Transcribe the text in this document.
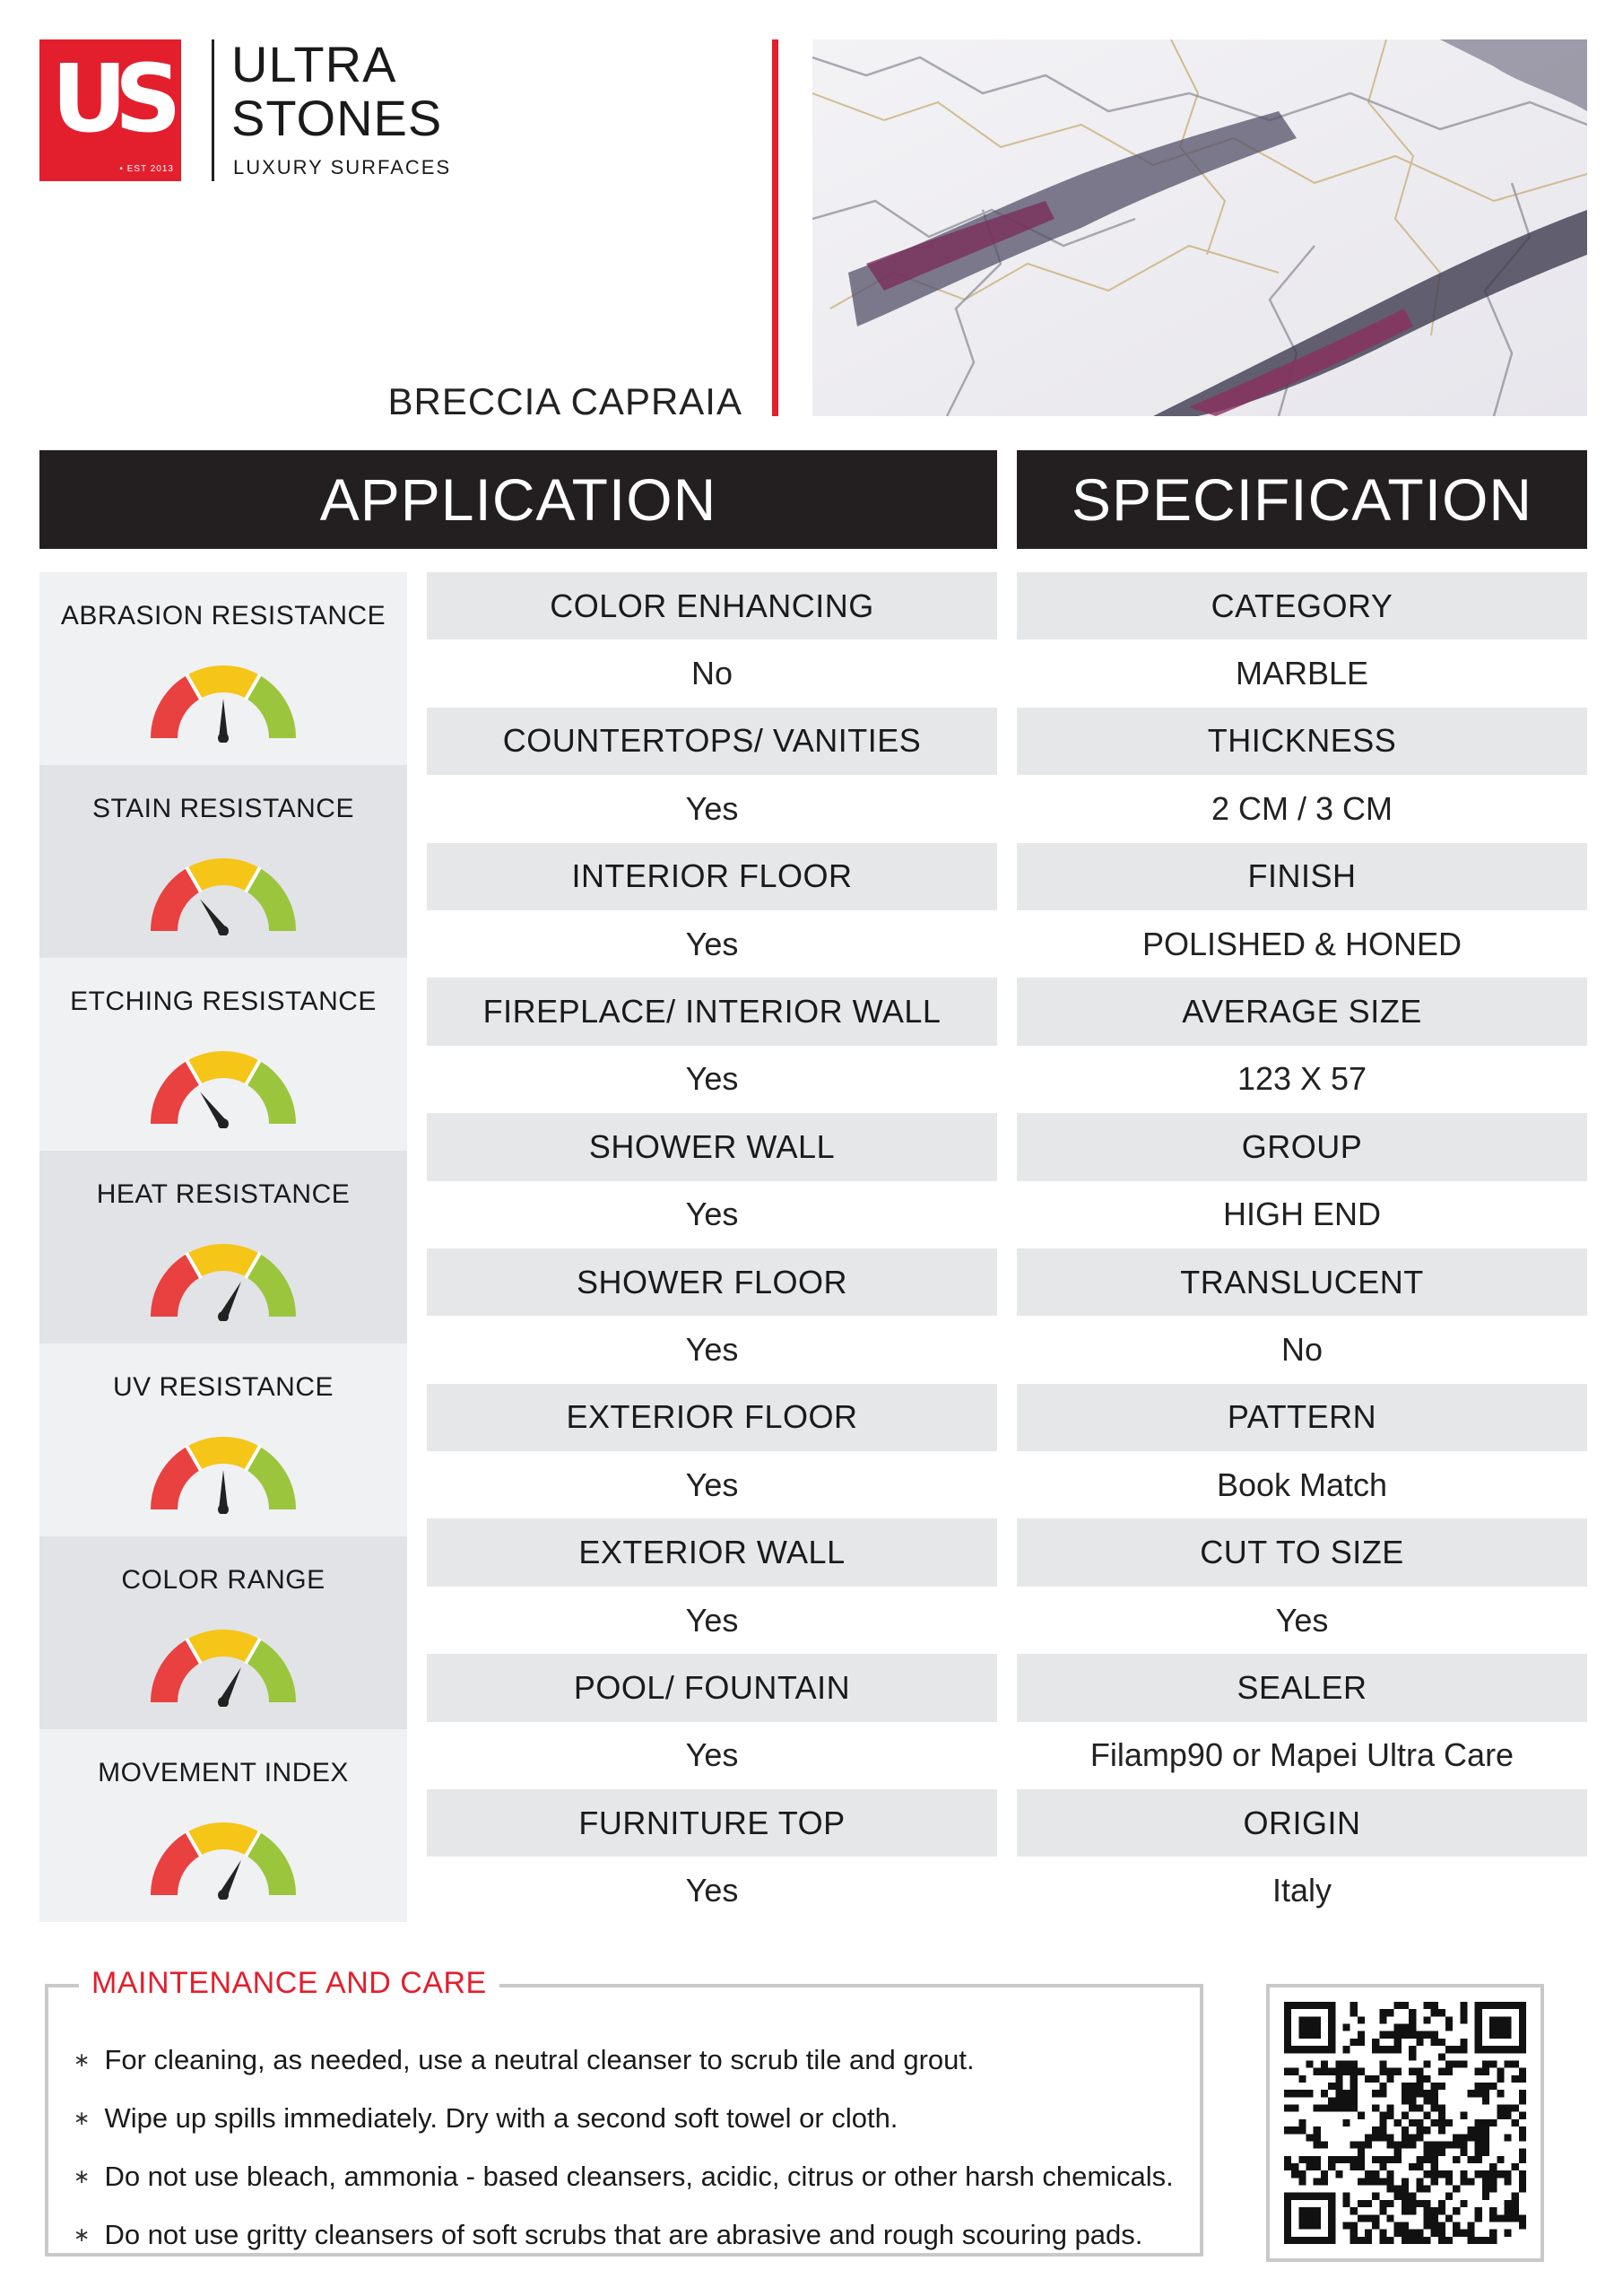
US
• EST 2013
ULTRA
STONES
LUXURY SURFACES
BRECCIA CAPRAIA
APPLICATION	SPECIFICATION
ABRASION RESISTANCE
STAIN RESISTANCE
ETCHING RESISTANCE
HEAT RESISTANCE
UV RESISTANCE
COLOR RANGE
MOVEMENT INDEX
COLOR ENHANCING
No
COUNTERTOPS/ VANITIES
Yes
INTERIOR FLOOR
Yes
FIREPLACE/ INTERIOR WALL
Yes
SHOWER WALL
Yes
SHOWER FLOOR
Yes
EXTERIOR FLOOR
Yes
EXTERIOR WALL
Yes
POOL/ FOUNTAIN
Yes
FURNITURE TOP
Yes
CATEGORY
MARBLE
THICKNESS
2 CM / 3 CM
FINISH
POLISHED & HONED
AVERAGE SIZE
123 X 57
GROUP
HIGH END
TRANSLUCENT
No
PATTERN
Book Match
CUT TO SIZE
Yes
SEALER
Filamp90 or Mapei Ultra Care
ORIGIN
Italy
MAINTENANCE AND CARE
∗ For cleaning, as needed, use a neutral cleanser to scrub tile and grout.
∗ Wipe up spills immediately. Dry with a second soft towel or cloth.
∗ Do not use bleach, ammonia - based cleansers, acidic, citrus or other harsh chemicals.
∗ Do not use gritty cleansers of soft scrubs that are abrasive and rough scouring pads.
